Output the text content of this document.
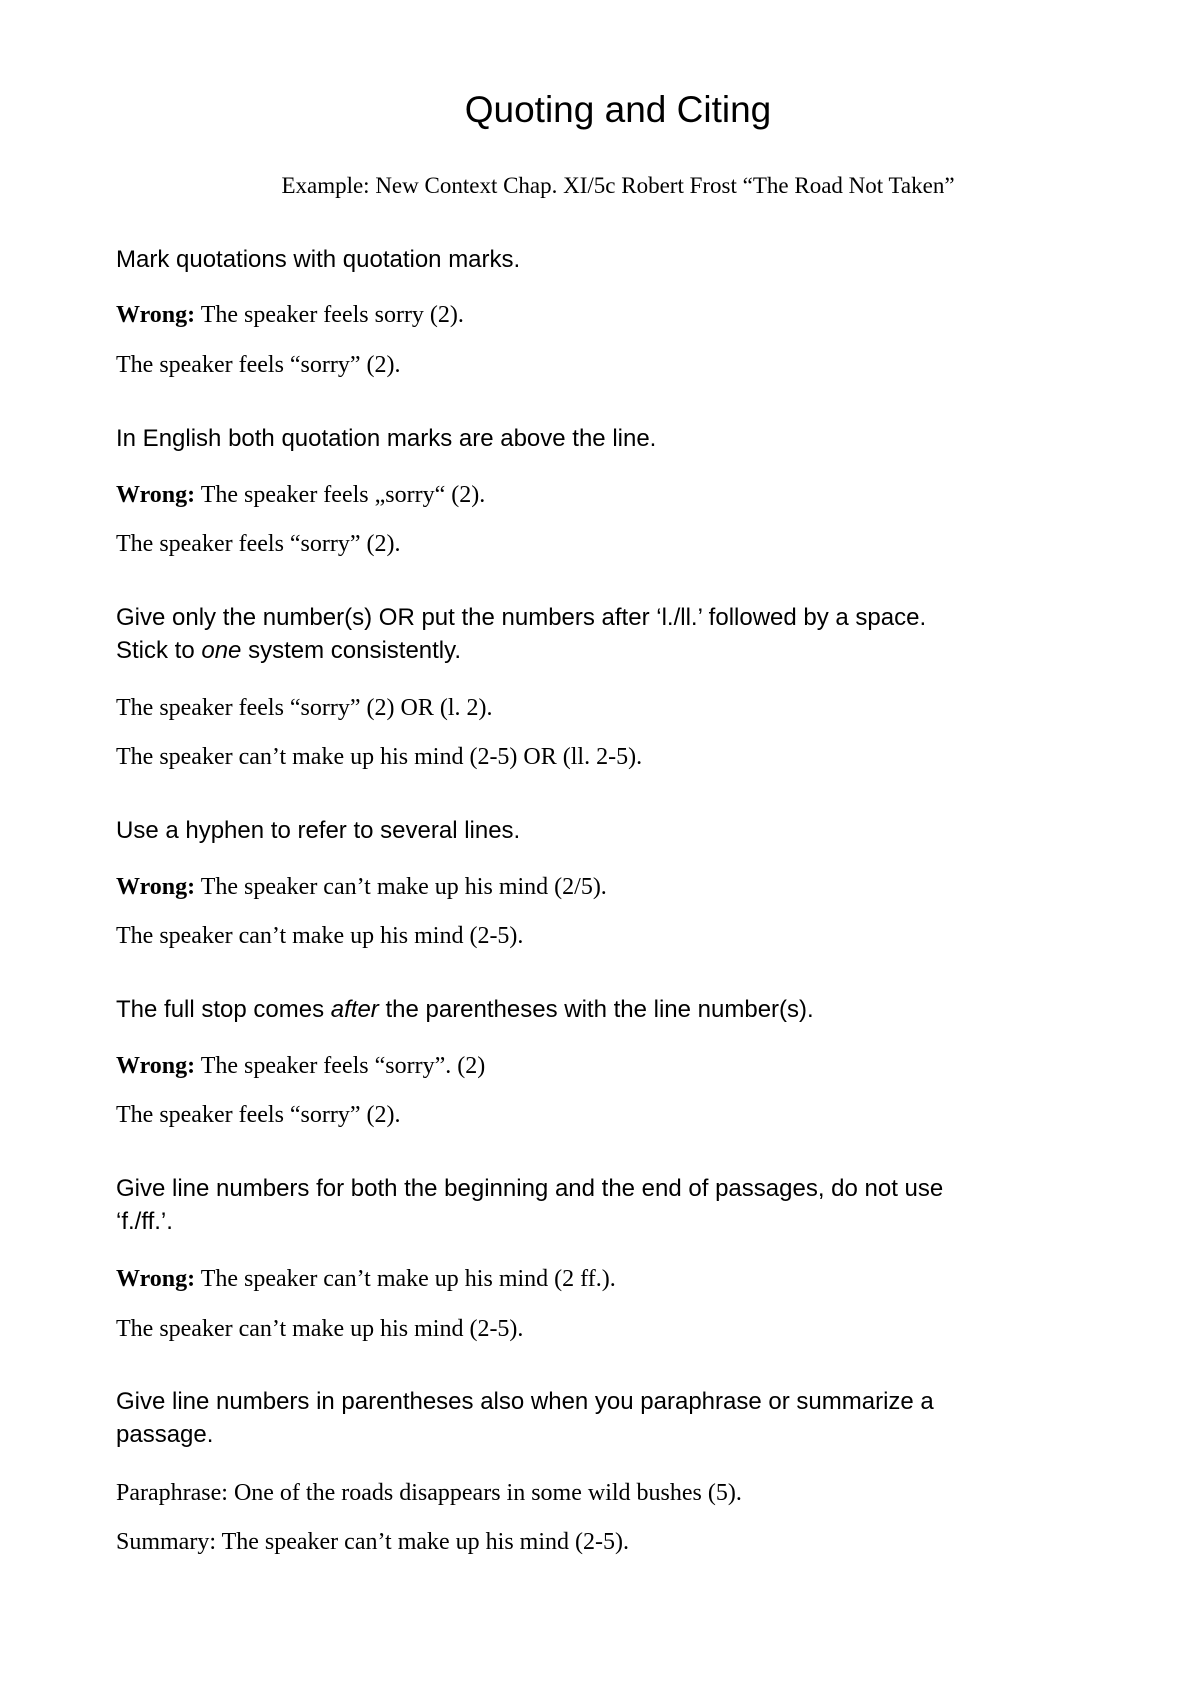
Quoting and Citing

Example: New Context Chap. XI/5c Robert Frost “The Road Not Taken”

Mark quotations with quotation marks.

Wrong: The speaker feels sorry (2).

The speaker feels “sorry” (2).

In English both quotation marks are above the line.

Wrong: The speaker feels „sorry“ (2).

The speaker feels “sorry” (2).

Give only the number(s) OR put the numbers after ‘l./ll.’ followed by a space.
Stick to one system consistently.

The speaker feels “sorry” (2) OR (l. 2).

The speaker can’t make up his mind (2-5) OR (ll. 2-5).

Use a hyphen to refer to several lines.

Wrong: The speaker can’t make up his mind (2/5).

The speaker can’t make up his mind (2-5).

The full stop comes after the parentheses with the line number(s).

Wrong: The speaker feels “sorry”. (2)

The speaker feels “sorry” (2).

Give line numbers for both the beginning and the end of passages, do not use
‘f./ff.’.

Wrong: The speaker can’t make up his mind (2 ff.).

The speaker can’t make up his mind (2-5).

Give line numbers in parentheses also when you paraphrase or summarize a
passage.

Paraphrase: One of the roads disappears in some wild bushes (5).

Summary: The speaker can’t make up his mind (2-5).
